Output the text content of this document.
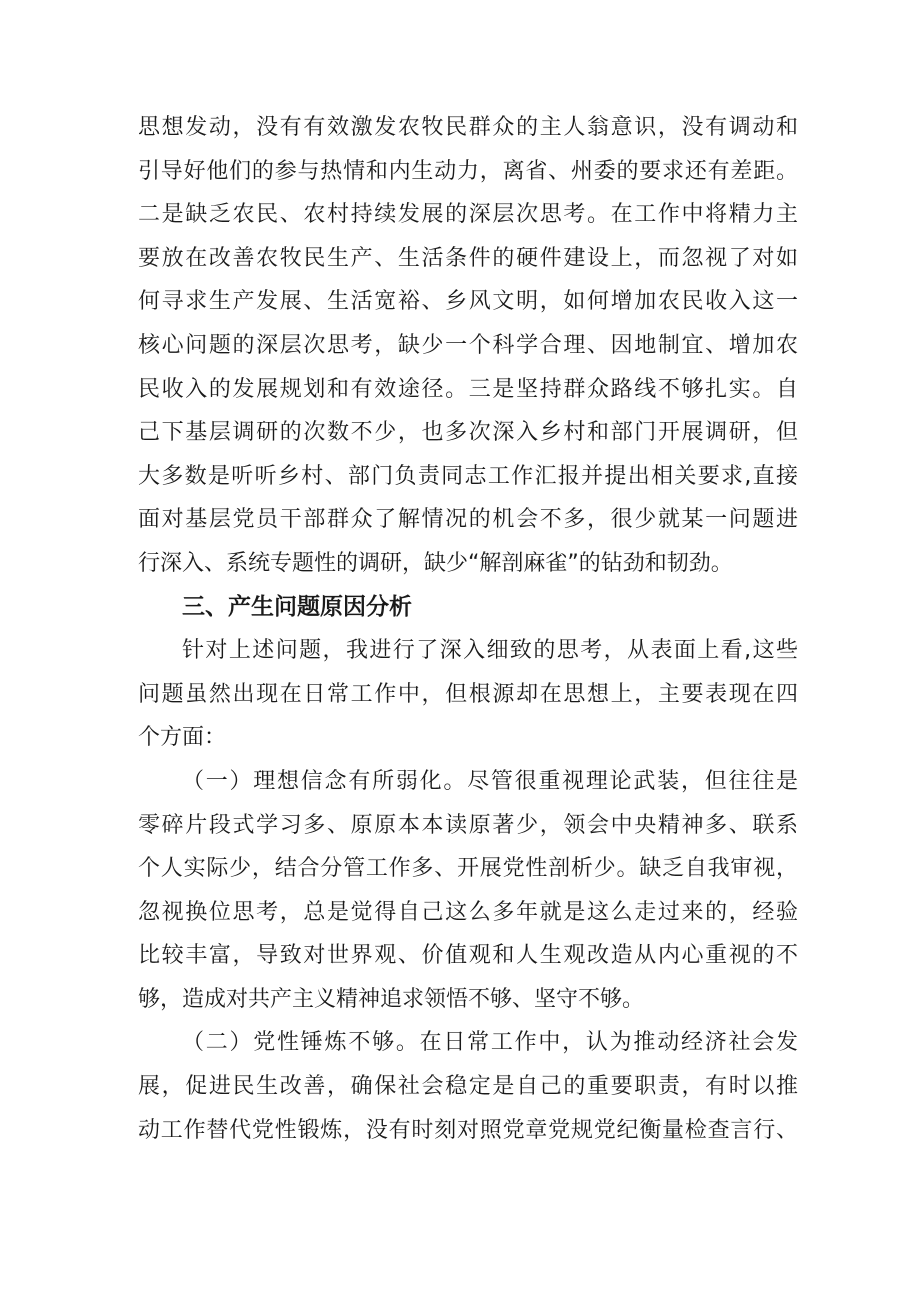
思想发动，没有有效激发农牧民群众的主人翁意识，没有调动和
引导好他们的参与热情和内生动力，离省、州委的要求还有差距。
二是缺乏农民、农村持续发展的深层次思考。在工作中将精力主
要放在改善农牧民生产、生活条件的硬件建设上，而忽视了对如
何寻求生产发展、生活宽裕、乡风文明，如何增加农民收入这一
核心问题的深层次思考，缺少一个科学合理、因地制宜、增加农
民收入的发展规划和有效途径。三是坚持群众路线不够扎实。自
己下基层调研的次数不少，也多次深入乡村和部门开展调研，但
大多数是听听乡村、部门负责同志工作汇报并提出相关要求,直接
面对基层党员干部群众了解情况的机会不多，很少就某一问题进
行深入、系统专题性的调研，缺少“解剖麻雀”的钻劲和韧劲。
三、产生问题原因分析
针对上述问题，我进行了深入细致的思考，从表面上看,这些
问题虽然出现在日常工作中，但根源却在思想上，主要表现在四
个方面：
（一）理想信念有所弱化。尽管很重视理论武装，但往往是
零碎片段式学习多、原原本本读原著少，领会中央精神多、联系
个人实际少，结合分管工作多、开展党性剖析少。缺乏自我审视，
忽视换位思考，总是觉得自己这么多年就是这么走过来的，经验
比较丰富，导致对世界观、价值观和人生观改造从内心重视的不
够，造成对共产主义精神追求领悟不够、坚守不够。
（二）党性锤炼不够。在日常工作中，认为推动经济社会发
展，促进民生改善，确保社会稳定是自己的重要职责，有时以推
动工作替代党性锻炼，没有时刻对照党章党规党纪衡量检查言行、
